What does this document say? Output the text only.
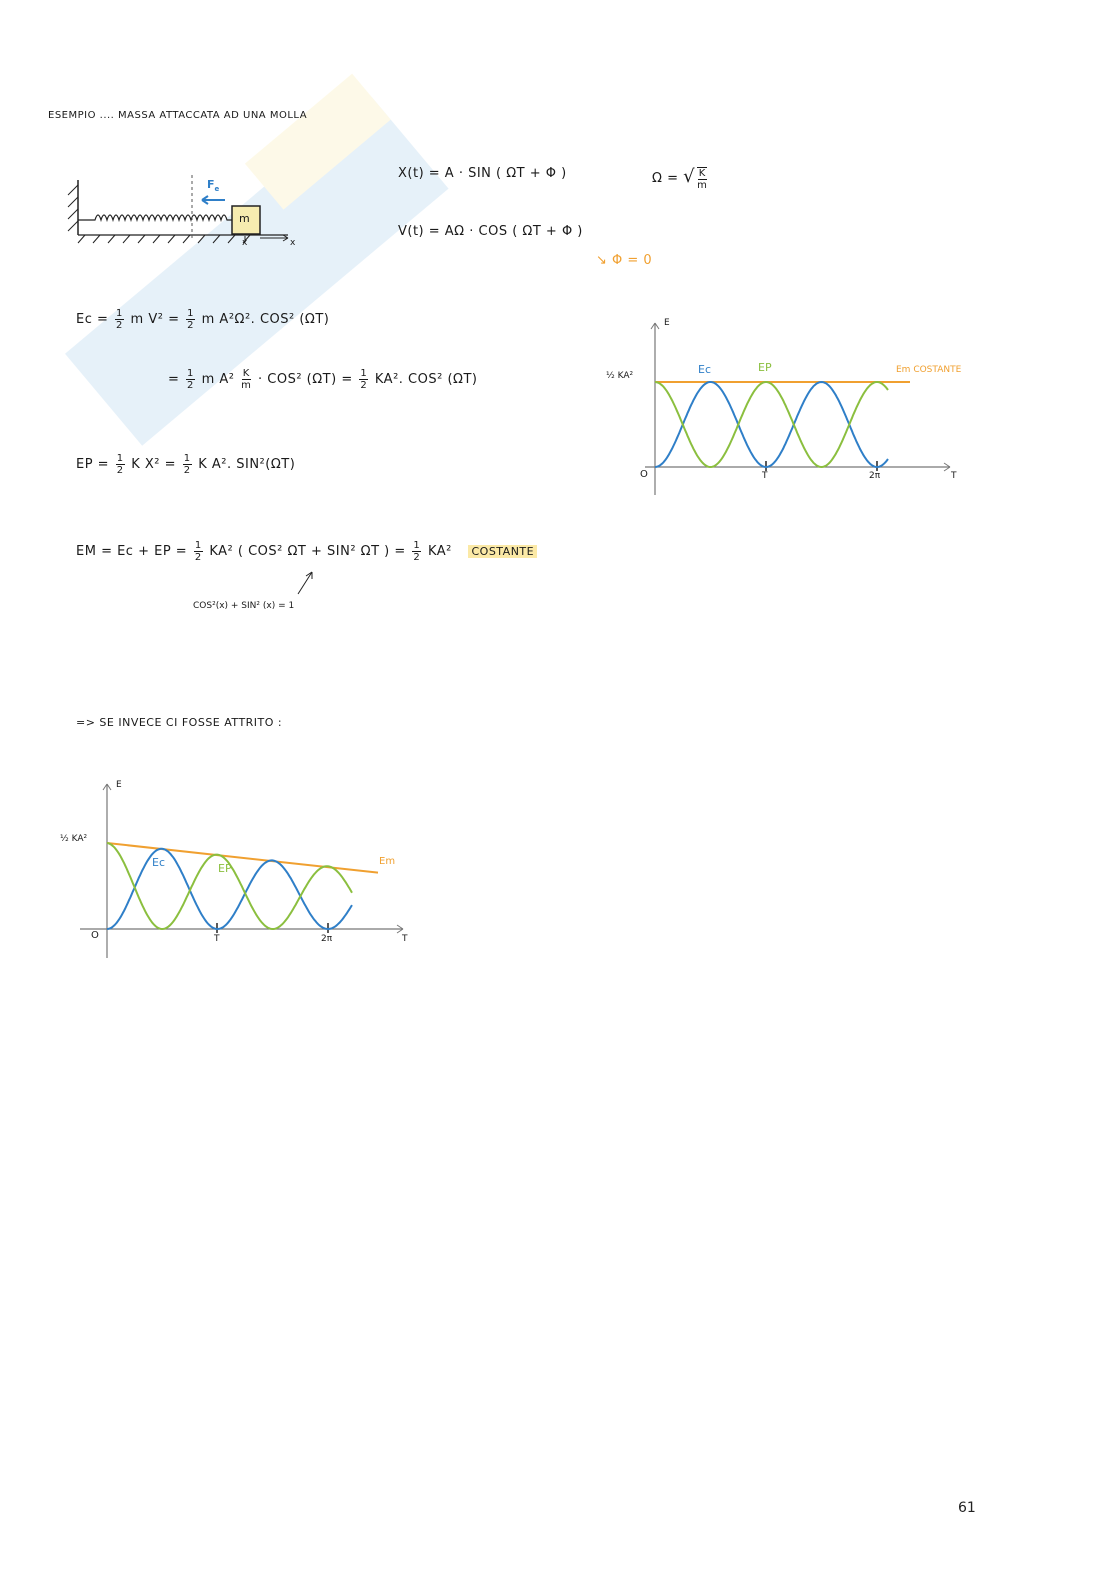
ESEMPIO .... MASSA ATTACCATA AD UNA MOLLA
$F_e$
m
x	x
X(t) = A · SIN ( ΩT + Φ )	Ω = √ $\frac{K}{m}$
V(t) = AΩ · COS ( ΩT + Φ )
↘ Φ = 0
$Ec = \frac{1}{2}$ m $V^2 = \frac{1}{2}$ m A²Ω². COS² (ΩT)
= $\frac{1}{2}$ m $A^2 \frac{K}{m} \cdot COS^2$ $(\Omega T) = \frac{1}{2} KA^2$. COS² (ΩT)
EP = $\frac{1}{2}$ K $X^2 = \frac{1}{2}$ K A². SIN²(ΩT)
EM = Ec + EP = $\frac{1}{2} KA^2$ ( COS² ΩT + SIN² ΩT ) = $\frac{1}{2} KA^2$ COSTANTE
COS²(x) + SIN² (x) = 1
E
½ KA²	Ec	EP	Em COSTANTE
O	T	2π	T
=> SE INVECE CI FOSSE ATTRITO :
E
½ KA²
Ec	EP
Em
O	T	2π	T
61
